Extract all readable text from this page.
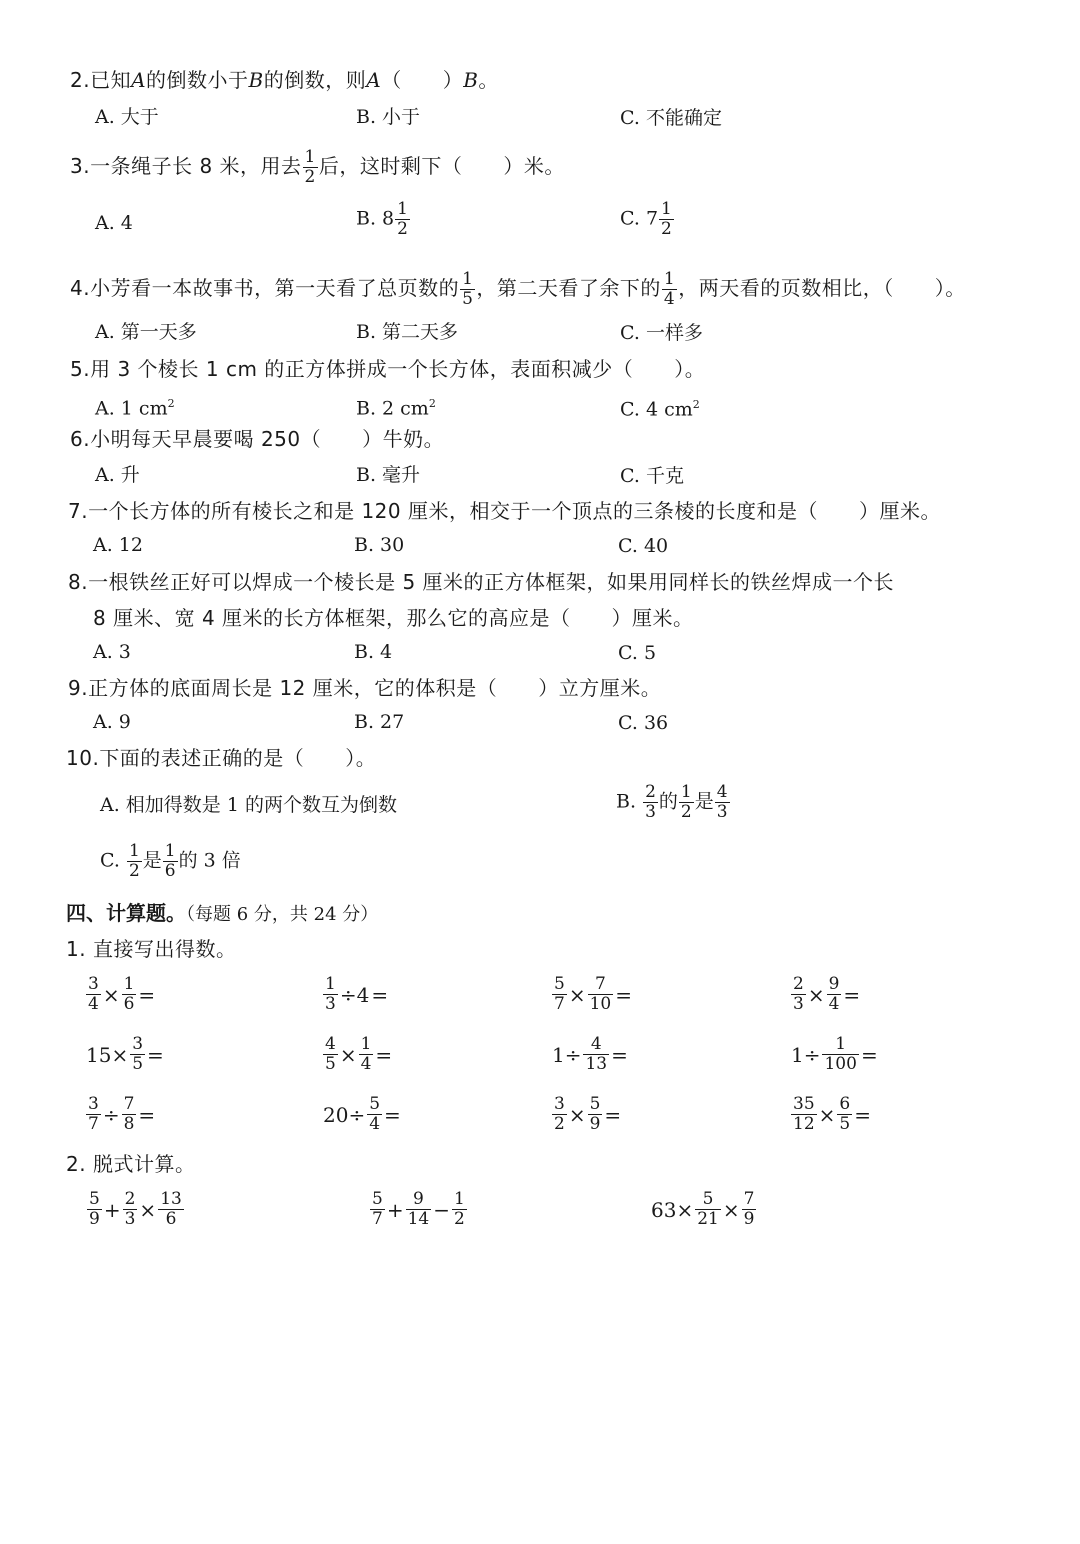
2.已知A的倒数小于B的倒数，则A（　　）B。
A. 大于	B. 小于	C. 不能确定
3.一条绳子长 8 米，用去 $\frac{1}{2}$ 后，这时剩下（　　）米。
A. 4	B. $8 \frac{1}{2}$	C. $7 \frac{1}{2}$
4.小芳看一本故事书，第一天看了总页数的 $\frac{1}{5}$ ，第二天看了余下的 $\frac{1}{4}$ ，两天看的页数相比，（　　）。
A. 第一天多	B. 第二天多	C. 一样多
5.用 3 个棱长 1 cm 的正方体拼成一个长方体，表面积减少（　　）。
A. 1 $cm^2$	B. 2 $cm^2$	C. 4 $cm^2$
6.小明每天早晨要喝 250（　　）牛奶。
A. 升	B. 毫升	C. 千克
7.一个长方体的所有棱长之和是 120 厘米，相交于一个顶点的三条棱的长度和是（　　）厘米。
A. 12	B. 30	C. 40
8.一根铁丝正好可以焊成一个棱长是 5 厘米的正方体框架，如果用同样长的铁丝焊成一个长
8 厘米、宽 4 厘米的长方体框架，那么它的高应是（　　）厘米。
A. 3	B. 4	C. 5
9.正方体的底面周长是 12 厘米，它的体积是（　　）立方厘米。
A. 9	B. 27	C. 36
10.下面的表述正确的是（　　）。
A. 相加得数是 1 的两个数互为倒数	B. $\frac{2}{3}$ 的 $\frac{1}{2}$ 是 $\frac{4}{3}$
C. $\frac{1}{2}$ 是 $\frac{1}{6}$ 的 3 倍
四、计算题。（每题 6 分，共 24 分）
1. 直接写出得数。
2. 脱式计算。
$\frac{3}{4} \times \frac{1}{6}$ =	$\frac{1}{3} \div 4$ =	$\frac{5}{7} \times \frac{7}{10}$ =	$\frac{2}{3} \times \frac{9}{4}$ =
$15\times \frac{3}{5}$ =	$\frac{4}{5} \times \frac{1}{4}$ =	$1\div \frac{4}{13}$ =	$1\div \frac{1}{100}$ =
$\frac{3}{7} \div \frac{7}{8}$ =	$20\div \frac{5}{4}$ =	$\frac{3}{2} \times \frac{5}{9}$ =	$\frac{35}{12} \times \frac{6}{5}$ =
$\frac{5}{9} + \frac{2}{3} \times \frac{13}{6}$	$\frac{5}{7} + \frac{9}{14} - \frac{1}{2}$	$63\times \frac{5}{21} \times \frac{7}{9}$
